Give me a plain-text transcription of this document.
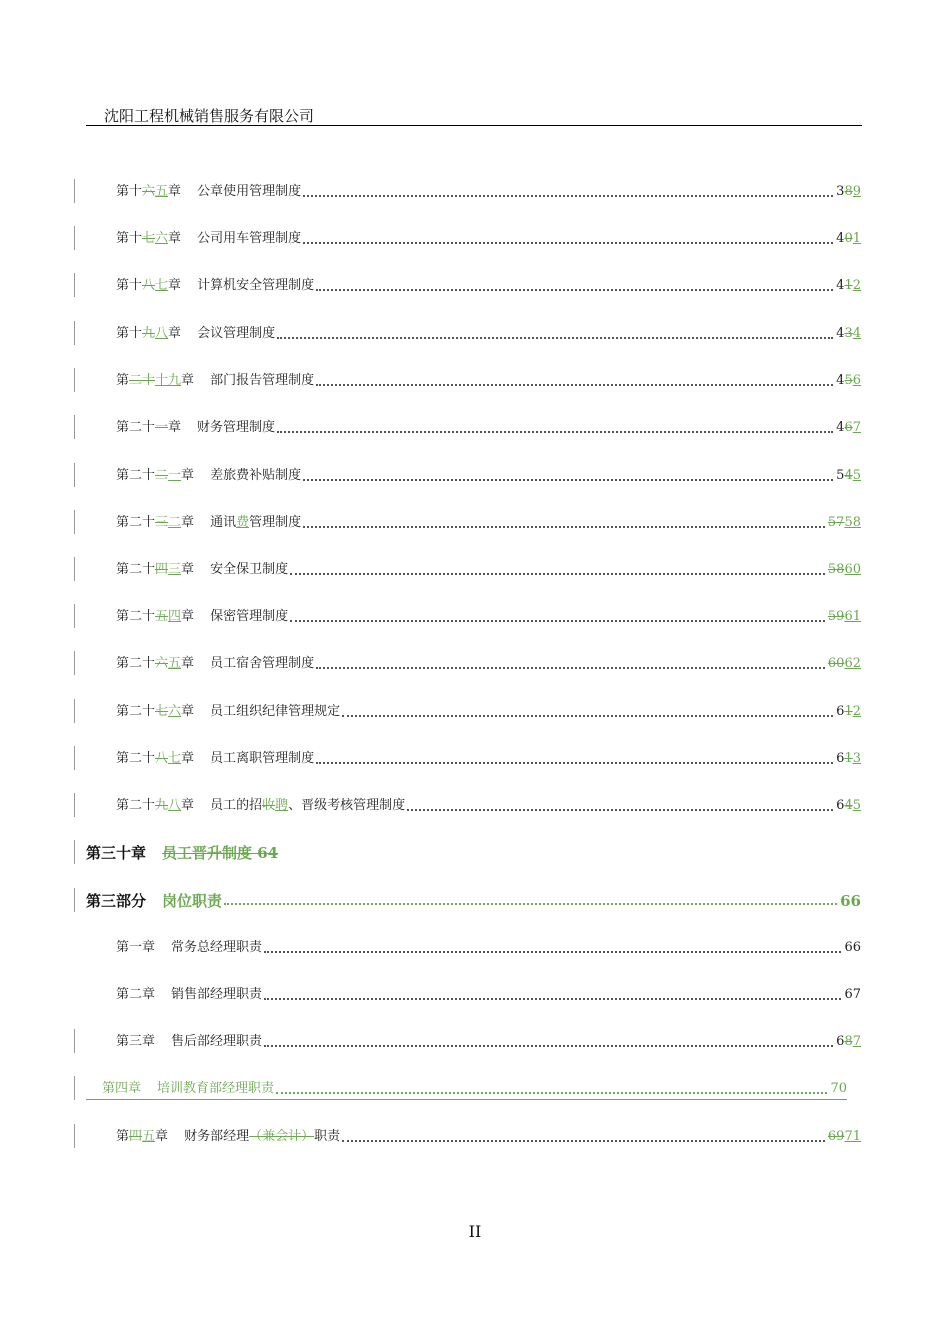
沈阳工程机械销售服务有限公司
第十六五章 公章使用管理制度	389
第十七六章 公司用车管理制度	401
第十八七章 计算机安全管理制度	412
第十九八章 会议管理制度	434
第二十十九章 部门报告管理制度	456
第二十一章 财务管理制度	467
第二十二一章 差旅费补贴制度	545
第二十三二章 通讯费管理制度	5758
第二十四三章 安全保卫制度	5860
第二十五四章 保密管理制度	5961
第二十六五章 员工宿舍管理制度	6062
第二十七六章 员工组织纪律管理规定	612
第二十八七章 员工离职管理制度	613
第二十九八章 员工的招收聘、晋级考核管理制度	645
第三十章 员工晋升制度 64
第三部分 岗位职责	66
第一章 常务总经理职责	66
第二章 销售部经理职责	67
第三章 售后部经理职责	687
第四章 培训教育部经理职责	70
第四五章 财务部经理（兼会计）职责	6971
II
